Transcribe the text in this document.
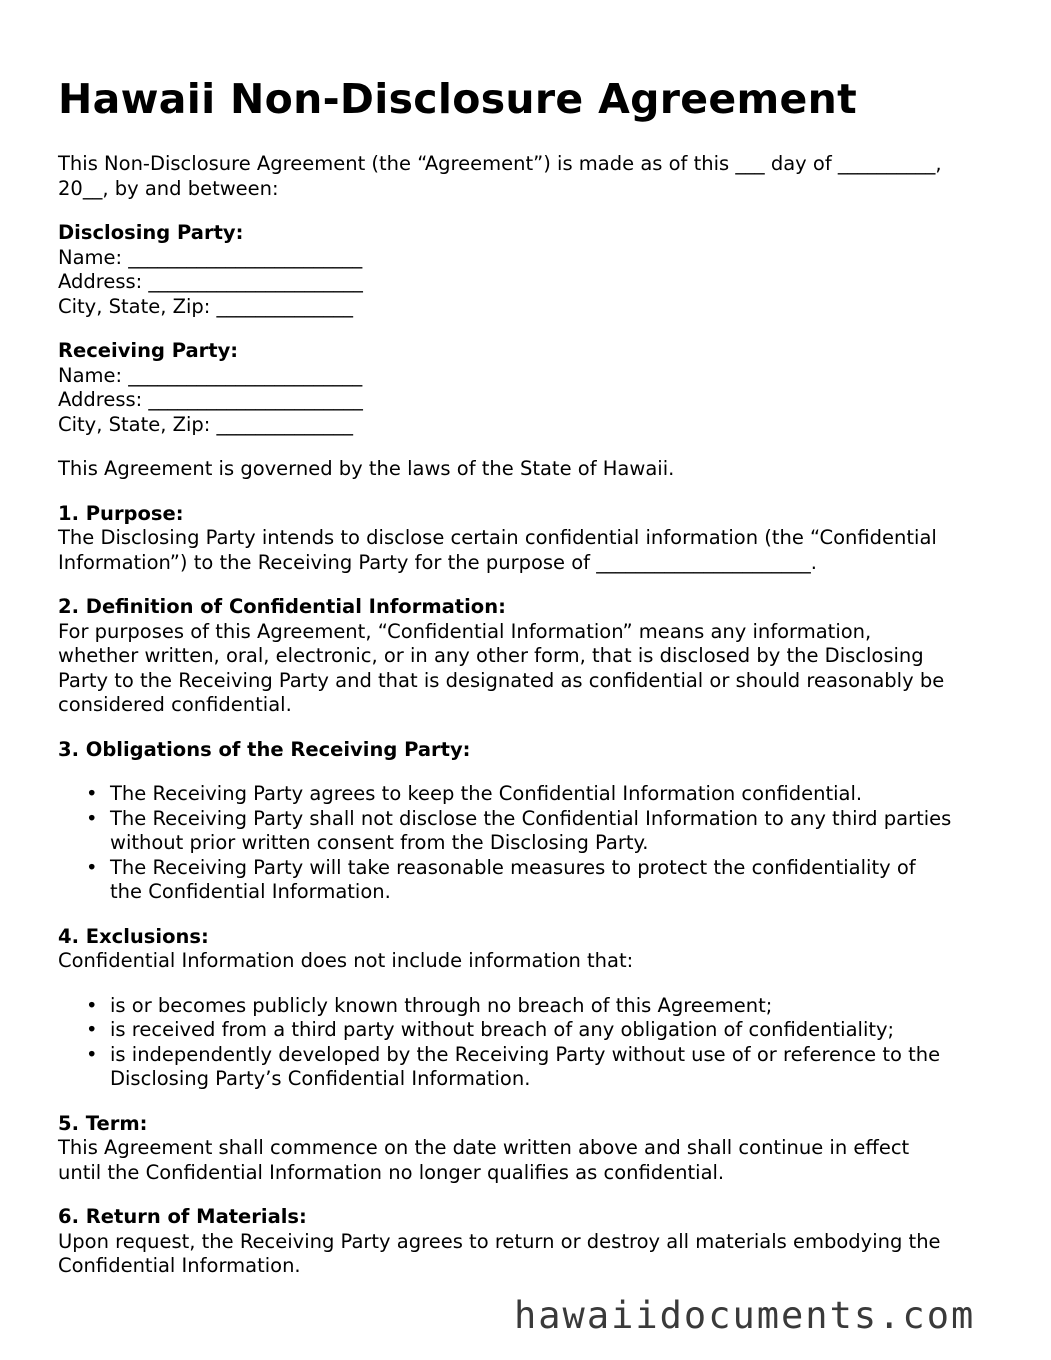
Hawaii Non-Disclosure Agreement

This Non-Disclosure Agreement (the “Agreement”) is made as of this ___ day of __________,
20__, by and between:

Disclosing Party:
Name: ________________________
Address: ______________________
City, State, Zip: ______________

Receiving Party:
Name: ________________________
Address: ______________________
City, State, Zip: ______________

This Agreement is governed by the laws of the State of Hawaii.

1. Purpose:
The Disclosing Party intends to disclose certain confidential information (the “Confidential
Information”) to the Receiving Party for the purpose of ______________________.

2. Definition of Confidential Information:
For purposes of this Agreement, “Confidential Information” means any information,
whether written, oral, electronic, or in any other form, that is disclosed by the Disclosing
Party to the Receiving Party and that is designated as confidential or should reasonably be
considered confidential.

3. Obligations of the Receiving Party:

• The Receiving Party agrees to keep the Confidential Information confidential.
• The Receiving Party shall not disclose the Confidential Information to any third parties
without prior written consent from the Disclosing Party.
• The Receiving Party will take reasonable measures to protect the confidentiality of
the Confidential Information.

4. Exclusions:
Confidential Information does not include information that:

• is or becomes publicly known through no breach of this Agreement;
• is received from a third party without breach of any obligation of confidentiality;
• is independently developed by the Receiving Party without use of or reference to the
Disclosing Party’s Confidential Information.

5. Term:
This Agreement shall commence on the date written above and shall continue in effect
until the Confidential Information no longer qualifies as confidential.

6. Return of Materials:
Upon request, the Receiving Party agrees to return or destroy all materials embodying the
Confidential Information.

hawaiidocuments.com
